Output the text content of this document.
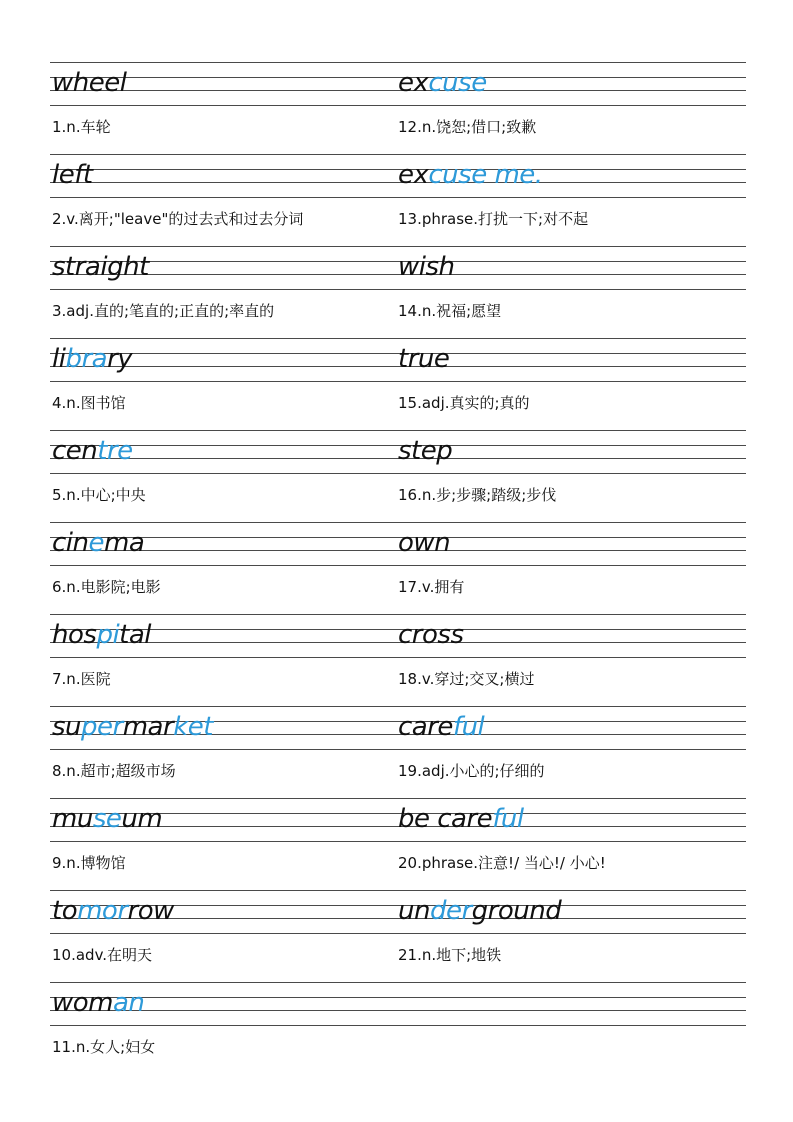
wheel
1.n.车轮
ex cuse
12.n.饶恕;借口;致歉
left
2.v.离开;"leave"的过去式和过去分词
ex cuse me.
13.phrase.打扰一下;对不起
straight
3.adj.直的;笔直的;正直的;率直的
wish
14.n.祝福;愿望
li bra ry
4.n.图书馆
true
15.adj.真实的;真的
cen tre
5.n.中心;中央
step
16.n.步;步骤;踏级;步伐
cin e ma
6.n.电影院;电影
own
17.v.拥有
hos pi tal
7.n.医院
cross
18.v.穿过;交叉;横过
su per mar ket
8.n.超市;超级市场
care ful
19.adj.小心的;仔细的
mu se um
9.n.博物馆
be care ful
20.phrase.注意!/ 当心!/ 小心!
to mor row
10.adv.在明天
un der ground
21.n.地下;地铁
wom an
11.n.女人;妇女
